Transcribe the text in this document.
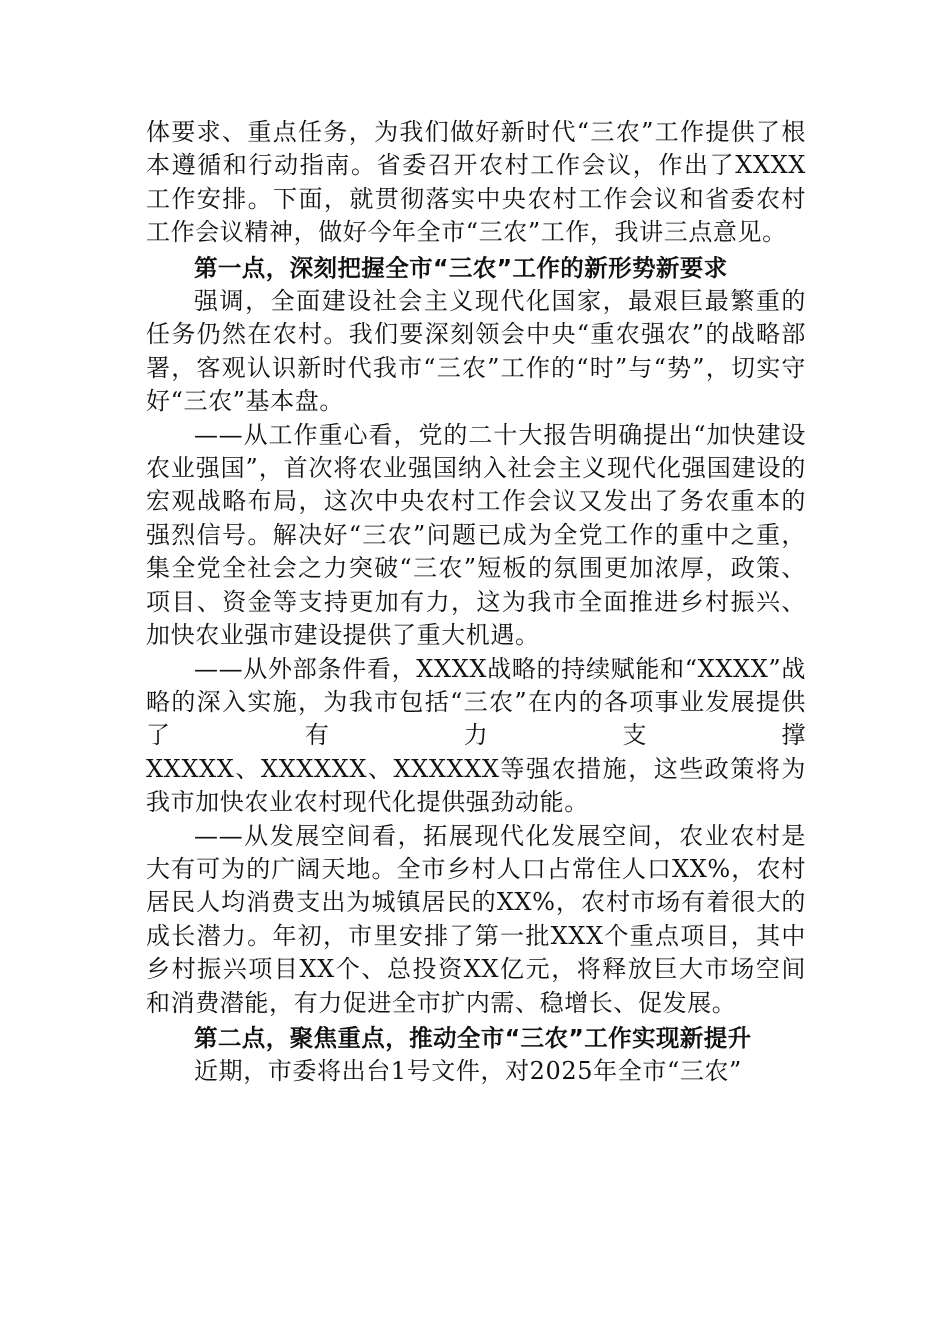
体要求、重点任务，为我们做好新时代“三农”工作提供了根本遵循和行动指南。省委召开农村工作会议，作出了XXXX工作安排。下面，就贯彻落实中央农村工作会议和省委农村工作会议精神，做好今年全市“三农”工作，我讲三点意见。

第一点，深刻把握全市“三农”工作的新形势新要求

强调，全面建设社会主义现代化国家，最艰巨最繁重的任务仍然在农村。我们要深刻领会中央“重农强农”的战略部署，客观认识新时代我市“三农”工作的“时”与“势”，切实守好“三农”基本盘。

——从工作重心看，党的二十大报告明确提出“加快建设农业强国”，首次将农业强国纳入社会主义现代化强国建设的宏观战略布局，这次中央农村工作会议又发出了务农重本的强烈信号。解决好“三农”问题已成为全党工作的重中之重，集全党全社会之力突破“三农”短板的氛围更加浓厚，政策、项目、资金等支持更加有力，这为我市全面推进乡村振兴、加快农业强市建设提供了重大机遇。

——从外部条件看，XXXX战略的持续赋能和“XXXX”战略的深入实施，为我市包括“三农”在内的各项事业发展提供了有力支撑

XXXXX、XXXXXX、XXXXXX等强农措施，这些政策将为我市加快农业农村现代化提供强劲动能。

——从发展空间看，拓展现代化发展空间，农业农村是大有可为的广阔天地。全市乡村人口占常住人口XX%，农村居民人均消费支出为城镇居民的XX%，农村市场有着很大的成长潜力。年初，市里安排了第一批XXX个重点项目，其中乡村振兴项目XX个、总投资XX亿元，将释放巨大市场空间和消费潜能，有力促进全市扩内需、稳增长、促发展。

第二点，聚焦重点，推动全市“三农”工作实现新提升

近期，市委将出台1号文件，对2025年全市“三农”
